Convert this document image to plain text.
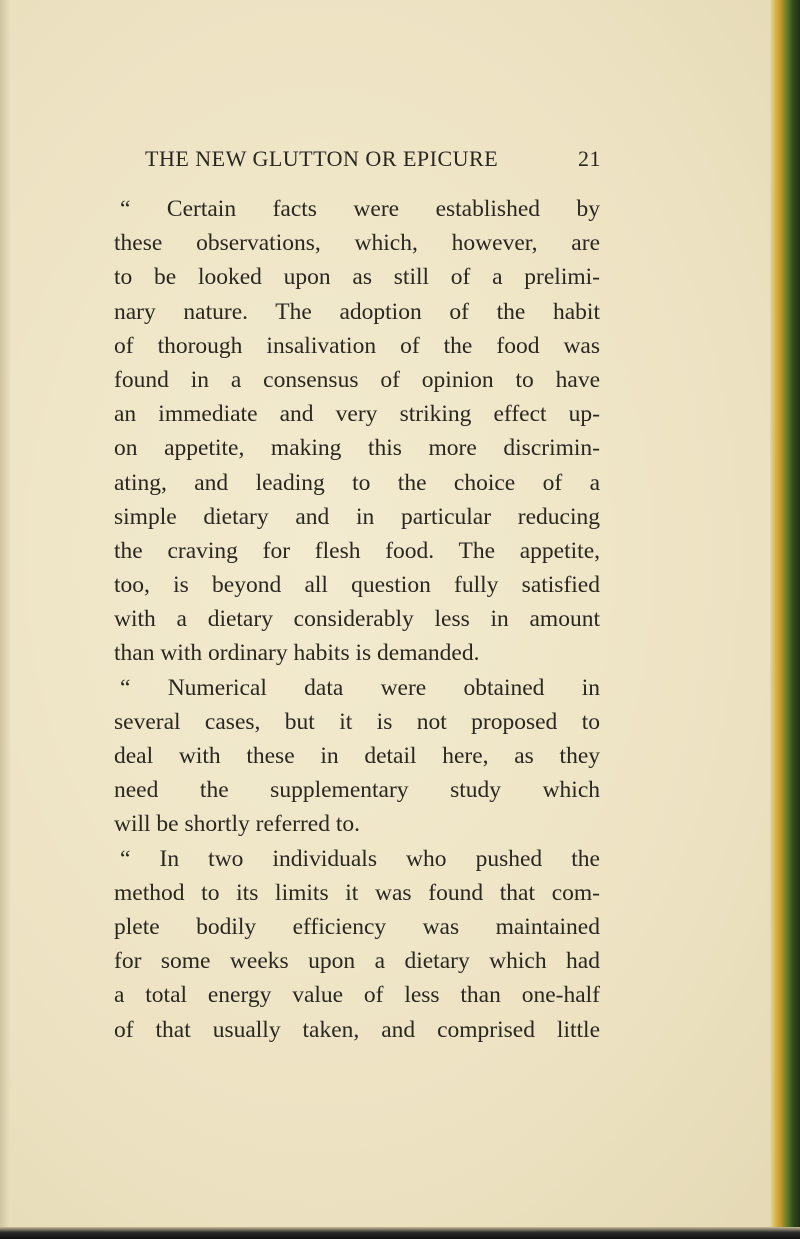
THE NEW GLUTTON OR EPICURE	21
“ Certain facts were established by
these observations, which, however, are
to be looked upon as still of a prelimi-
nary nature. The adoption of the habit
of thorough insalivation of the food was
found in a consensus of opinion to have
an immediate and very striking effect up-
on appetite, making this more discrimin-
ating, and leading to the choice of a
simple dietary and in particular reducing
the craving for flesh food. The appetite,
too, is beyond all question fully satisfied
with a dietary considerably less in amount
than with ordinary habits is demanded.
“ Numerical data were obtained in
several cases, but it is not proposed to
deal with these in detail here, as they
need the supplementary study which
will be shortly referred to.
“ In two individuals who pushed the
method to its limits it was found that com-
plete bodily efficiency was maintained
for some weeks upon a dietary which had
a total energy value of less than one-half
of that usually taken, and comprised little
